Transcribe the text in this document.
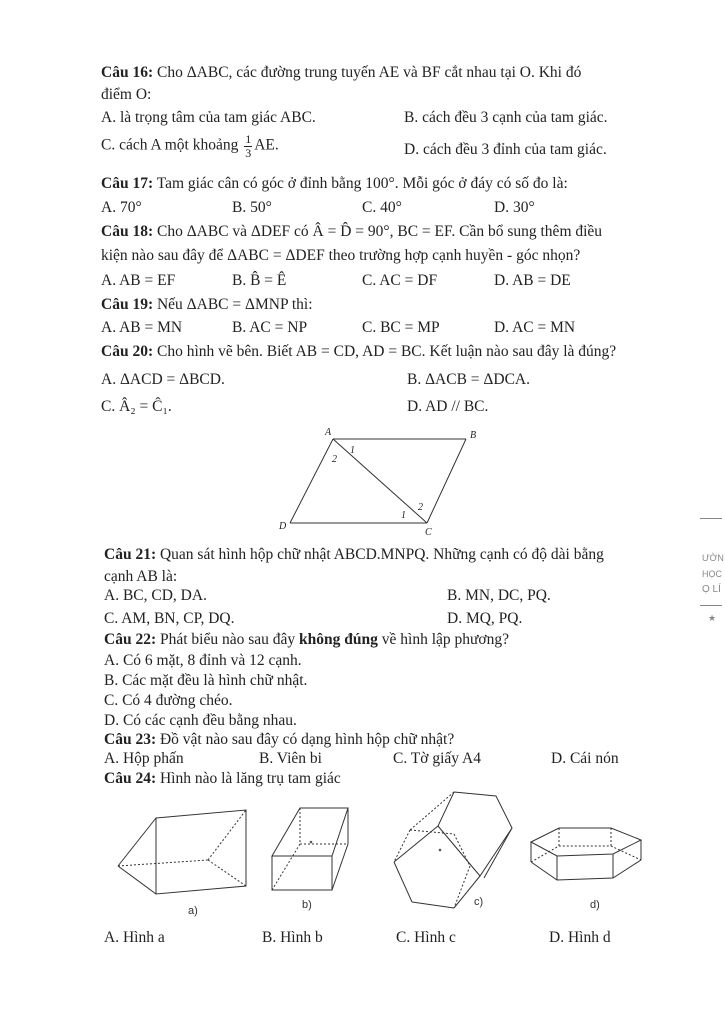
Câu 16: Cho ΔABC, các đường trung tuyến AE và BF cắt nhau tại O. Khi đó
điểm O:
A. là trọng tâm của tam giác ABC.	B. cách đều 3 cạnh của tam giác.
C. cách A một khoảng $\frac{1}{3}$ AE.	D. cách đều 3 đỉnh của tam giác.
Câu 17: Tam giác cân có góc ở đỉnh bằng 100°. Mỗi góc ở đáy có số đo là:
A. 70°	B. 50°	C. 40°	D. 30°
Câu 18: Cho ΔABC và ΔDEF có Â = D̂ = 90°, BC = EF. Cần bổ sung thêm điều
kiện nào sau đây để ΔABC = ΔDEF theo trường hợp cạnh huyền - góc nhọn?
A. AB = EF	B. B̂ = Ê	C. AC = DF	D. AB = DE
Câu 19: Nếu ΔABC = ΔMNP thì:
A. AB = MN	B. AC = NP	C. BC = MP	D. AC = MN
Câu 20: Cho hình vẽ bên. Biết AB = CD, AD = BC. Kết luận nào sau đây là đúng?
A. ΔACD = ΔBCD.	B. ΔACB = ΔDCA.
C. Â₂ = Ĉ₁.	D. AD // BC.
A	B
C
D
1
2
2
1
Câu 21: Quan sát hình hộp chữ nhật ABCD.MNPQ. Những cạnh có độ dài bằng
cạnh AB là:
A. BC, CD, DA.	B. MN, DC, PQ.
C. AM, BN, CP, DQ.	D. MQ, PQ.
Câu 22: Phát biểu nào sau đây không đúng về hình lập phương?
A. Có 6 mặt, 8 đỉnh và 12 cạnh.
B. Các mặt đều là hình chữ nhật.
C. Có 4 đường chéo.
D. Có các cạnh đều bằng nhau.
Câu 23: Đồ vật nào sau đây có dạng hình hộp chữ nhật?
A. Hộp phấn	B. Viên bi	C. Tờ giấy A4	D. Cái nón
Câu 24: Hình nào là lăng trụ tam giác
a)	b)	c)	d)
A. Hình a	B. Hình b	C. Hình c	D. Hình d
ƯỜN
HỌC
Ọ LÍ
★
